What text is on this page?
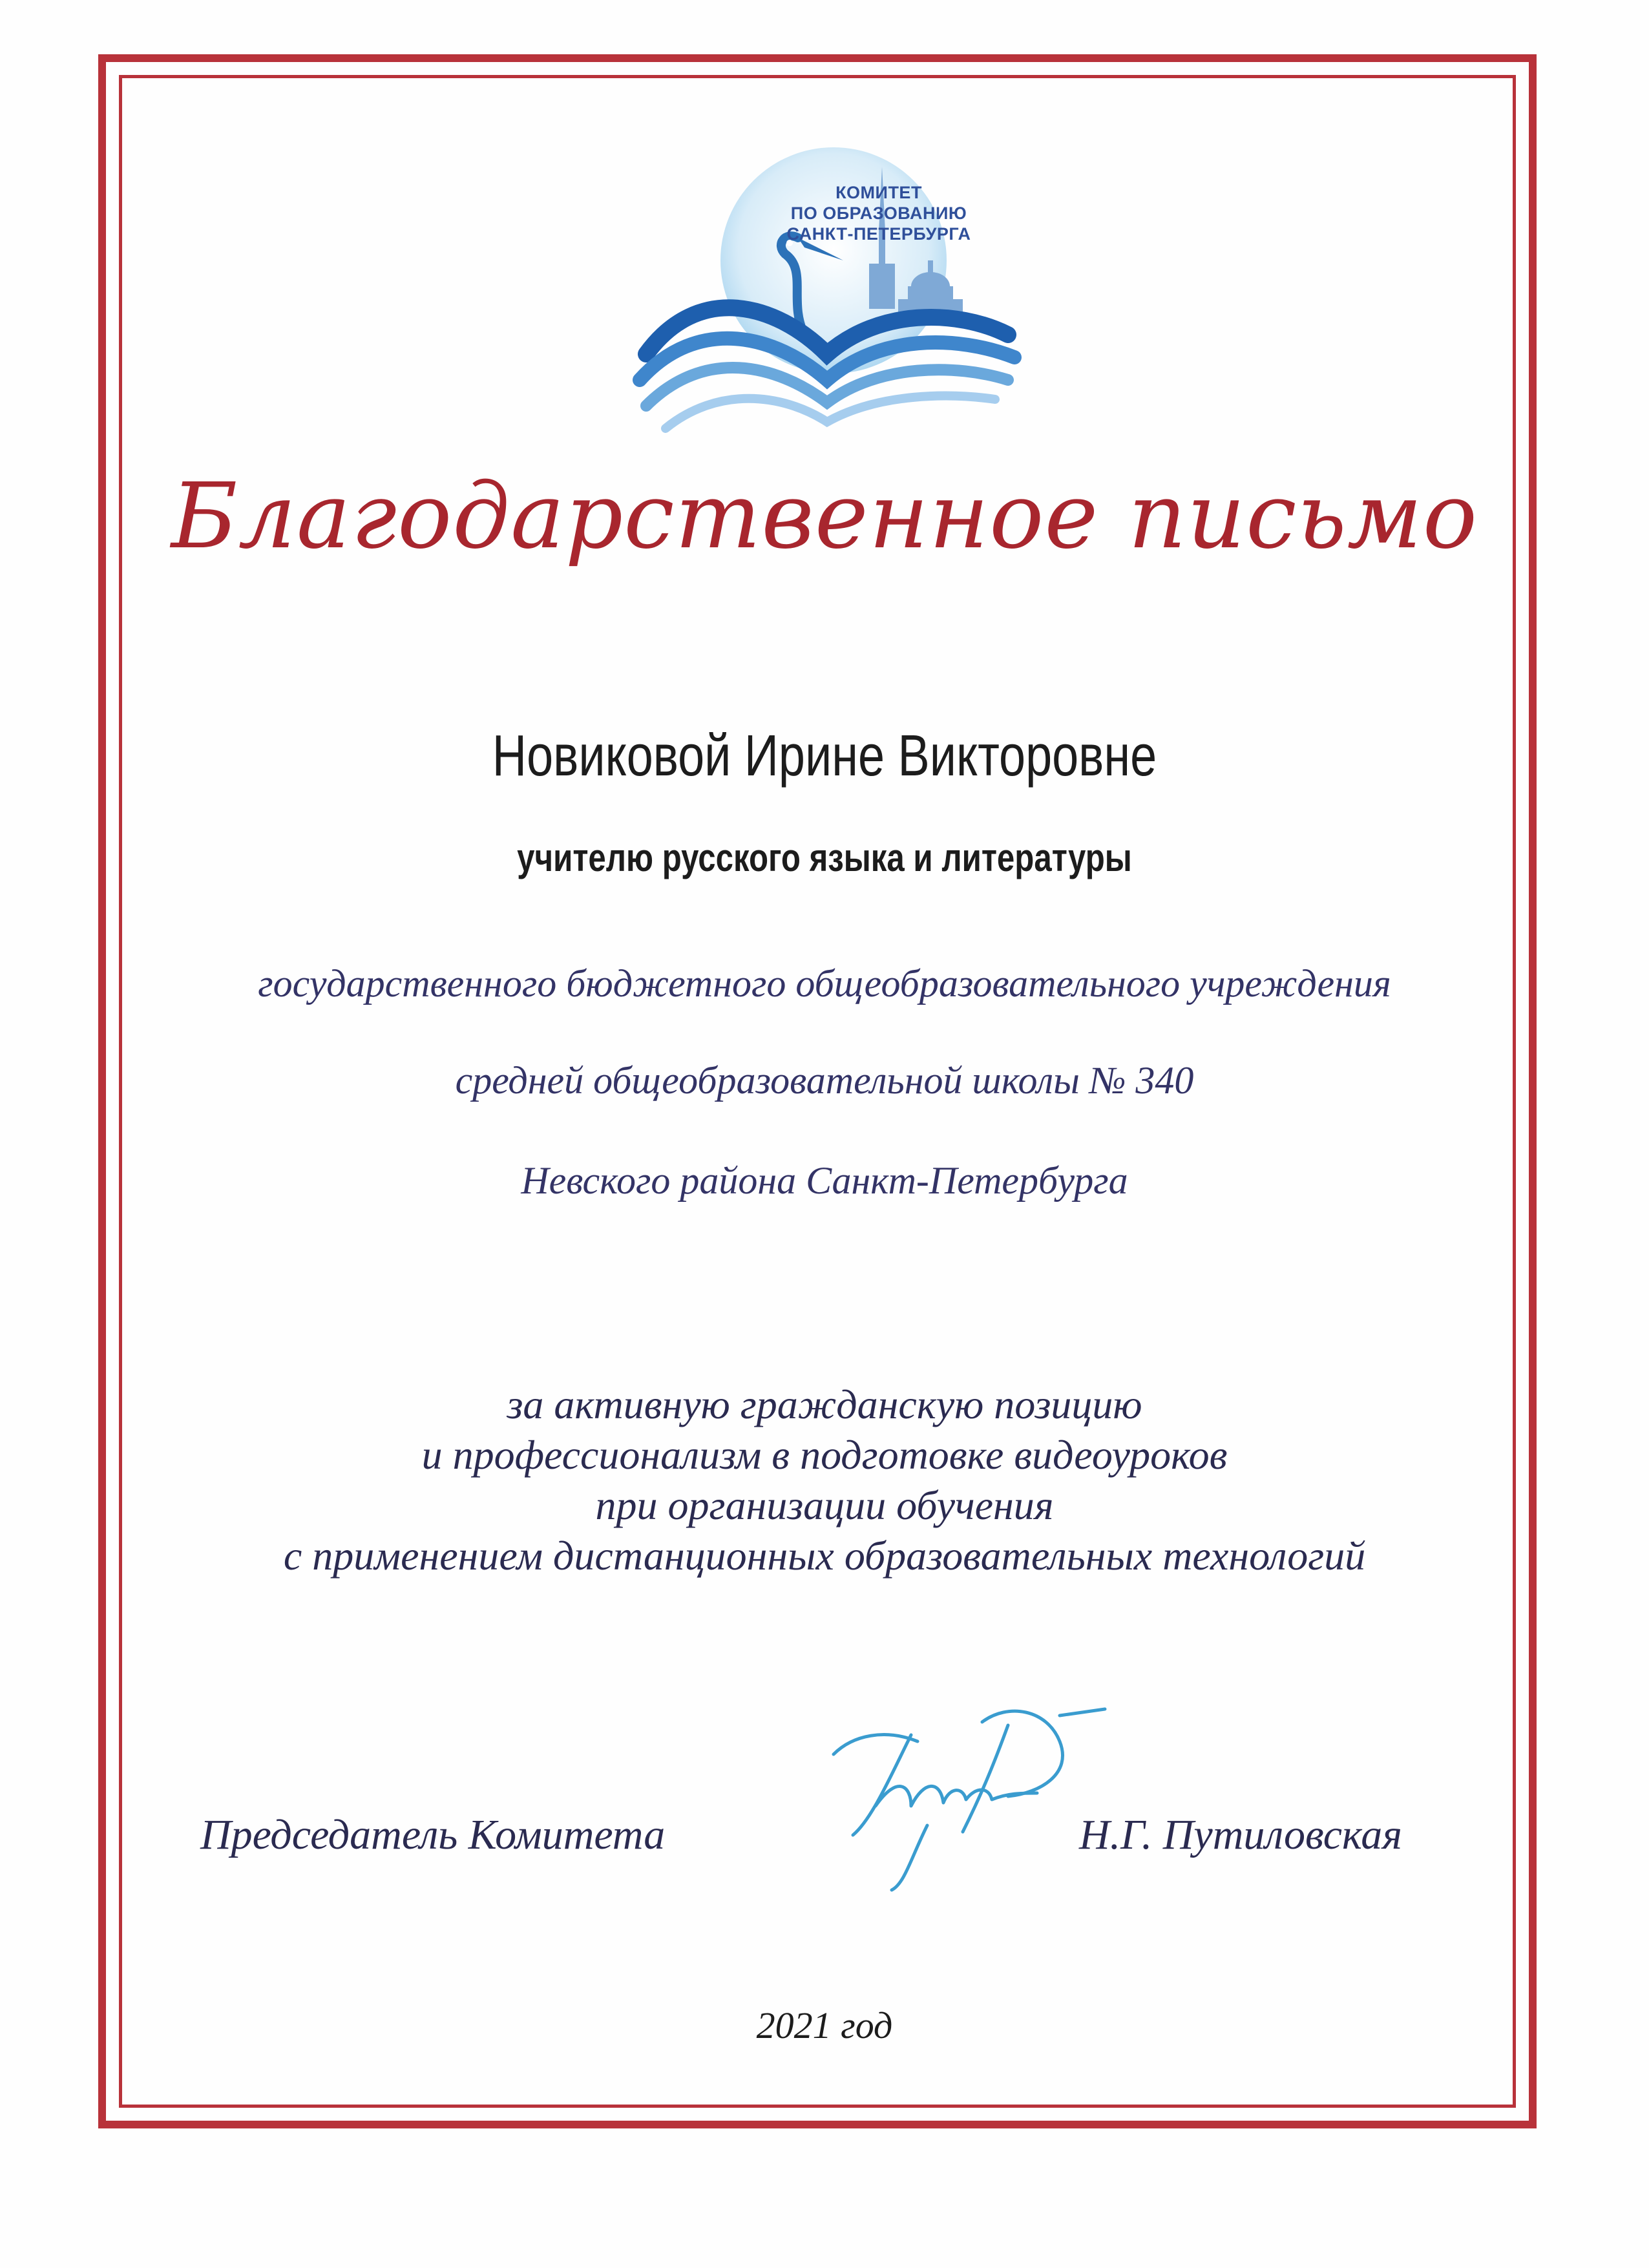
КОМИТЕТ
ПО ОБРАЗОВАНИЮ
САНКТ-ПЕТЕРБУРГА
Благодарственное письмо
Новиковой Ирине Викторовне
учителю русского языка и литературы
государственного бюджетного общеобразовательного учреждения
средней общеобразовательной школы № 340
Невского района Санкт-Петербурга
за активную гражданскую позицию
и профессионализм в подготовке видеоуроков
при организации обучения
с применением дистанционных образовательных технологий
Председатель Комитета	Н.Г. Путиловская
2021 год
